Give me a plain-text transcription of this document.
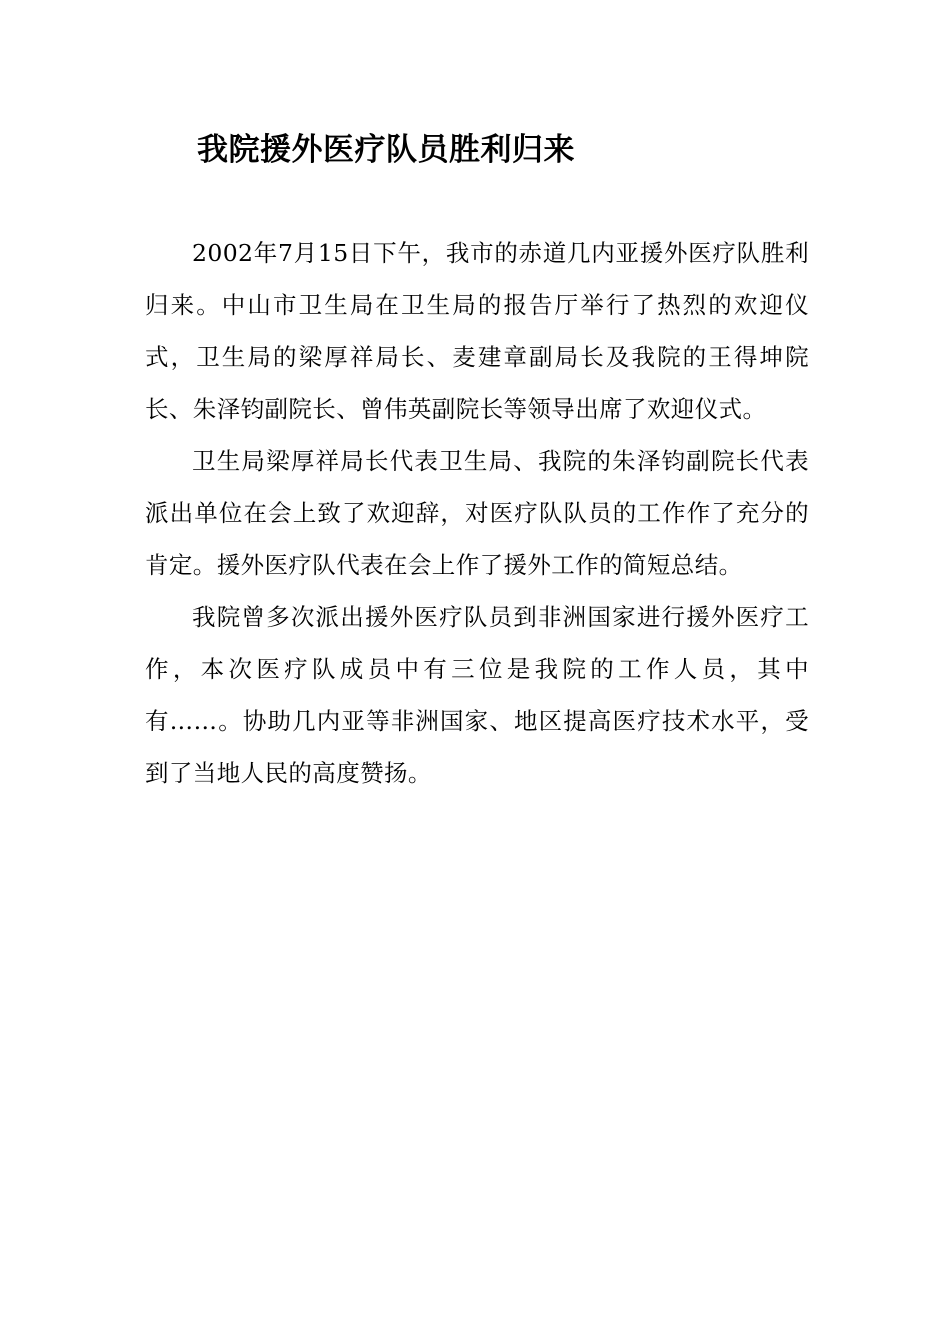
我院援外医疗队员胜利归来

2002年7月15日下午，我市的赤道几内亚援外医疗队胜利归来。中山市卫生局在卫生局的报告厅举行了热烈的欢迎仪式，卫生局的梁厚祥局长、麦建章副局长及我院的王得坤院长、朱泽钧副院长、曾伟英副院长等领导出席了欢迎仪式。

卫生局梁厚祥局长代表卫生局、我院的朱泽钧副院长代表派出单位在会上致了欢迎辞，对医疗队队员的工作作了充分的肯定。援外医疗队代表在会上作了援外工作的简短总结。

我院曾多次派出援外医疗队员到非洲国家进行援外医疗工作，本次医疗队成员中有三位是我院的工作人员，其中有……。协助几内亚等非洲国家、地区提高医疗技术水平，受到了当地人民的高度赞扬。
